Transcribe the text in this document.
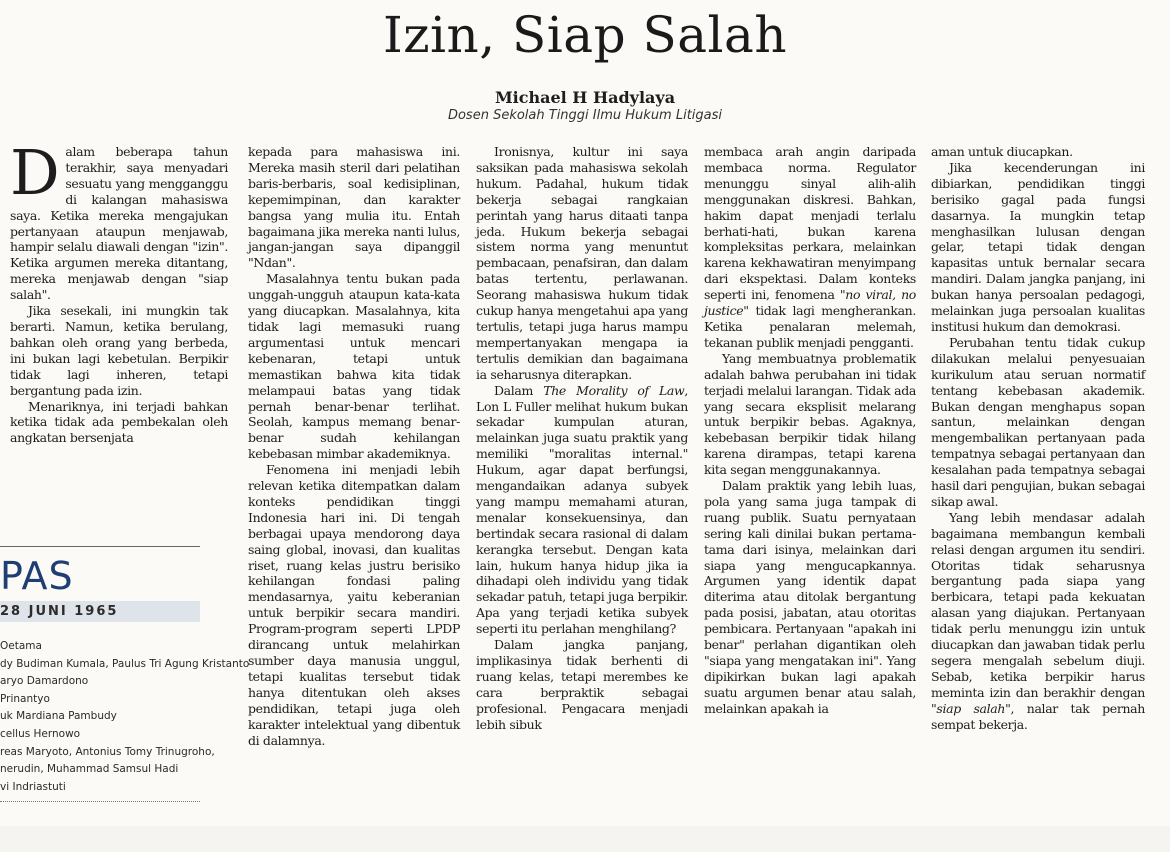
Izin, Siap Salah
Michael H Hadylaya
Dosen Sekolah Tinggi Ilmu Hukum Litigasi

Dalam beberapa tahun terakhir, saya menyadari sesuatu yang mengganggu di kalangan mahasiswa saya. Ketika mereka mengajukan pertanyaan ataupun menjawab, hampir selalu diawali dengan "izin". Ketika argumen mereka ditantang, mereka menjawab dengan "siap salah".

Jika sesekali, ini mungkin tak berarti. Namun, ketika berulang, bahkan oleh orang yang berbeda, ini bukan lagi kebetulan. Berpikir tidak lagi inheren, tetapi bergantung pada izin.

Menariknya, ini terjadi bahkan ketika tidak ada pembekalan oleh angkatan bersenjata

kepada para mahasiswa ini. Mereka masih steril dari pelatihan baris-berbaris, soal kedisiplinan, kepemimpinan, dan karakter bangsa yang mulia itu. Entah bagaimana jika mereka nanti lulus, jangan-jangan saya dipanggil "Ndan".

Masalahnya tentu bukan pada unggah-ungguh ataupun kata-kata yang diucapkan. Masalahnya, kita tidak lagi memasuki ruang argumentasi untuk mencari kebenaran, tetapi untuk memastikan bahwa kita tidak melampaui batas yang tidak pernah benar-benar terlihat. Seolah, kampus memang benar-benar sudah kehilangan kebebasan mimbar akademiknya.

Fenomena ini menjadi lebih relevan ketika ditempatkan dalam konteks pendidikan tinggi Indonesia hari ini. Di tengah berbagai upaya mendorong daya saing global, inovasi, dan kualitas riset, ruang kelas justru berisiko kehilangan fondasi paling mendasarnya, yaitu keberanian untuk berpikir secara mandiri. Program-program seperti LPDP dirancang untuk melahirkan sumber daya manusia unggul, tetapi kualitas tersebut tidak hanya ditentukan oleh akses pendidikan, tetapi juga oleh karakter intelektual yang dibentuk di dalamnya.

Ironisnya, kultur ini saya saksikan pada mahasiswa sekolah hukum. Padahal, hukum tidak bekerja sebagai rangkaian perintah yang harus ditaati tanpa jeda. Hukum bekerja sebagai sistem norma yang menuntut pembacaan, penafsiran, dan dalam batas tertentu, perlawanan. Seorang mahasiswa hukum tidak cukup hanya mengetahui apa yang tertulis, tetapi juga harus mampu mempertanyakan mengapa ia tertulis demikian dan bagaimana ia seharusnya diterapkan.

Dalam The Morality of Law, Lon L Fuller melihat hukum bukan sekadar kumpulan aturan, melainkan juga suatu praktik yang memiliki "moralitas internal." Hukum, agar dapat berfungsi, mengandaikan adanya subyek yang mampu memahami aturan, menalar konsekuensinya, dan bertindak secara rasional di dalam kerangka tersebut. Dengan kata lain, hukum hanya hidup jika ia dihadapi oleh individu yang tidak sekadar patuh, tetapi juga berpikir. Apa yang terjadi ketika subyek seperti itu perlahan menghilang?

Dalam jangka panjang, implikasinya tidak berhenti di ruang kelas, tetapi merembes ke cara berpraktik sebagai profesional. Pengacara menjadi lebih sibuk

membaca arah angin daripada membaca norma. Regulator menunggu sinyal alih-alih menggunakan diskresi. Bahkan, hakim dapat menjadi terlalu berhati-hati, bukan karena kompleksitas perkara, melainkan karena kekhawatiran menyimpang dari ekspektasi. Dalam konteks seperti ini, fenomena "no viral, no justice" tidak lagi mengherankan. Ketika penalaran melemah, tekanan publik menjadi pengganti.

Yang membuatnya problematik adalah bahwa perubahan ini tidak terjadi melalui larangan. Tidak ada yang secara eksplisit melarang untuk berpikir bebas. Agaknya, kebebasan berpikir tidak hilang karena dirampas, tetapi karena kita segan menggunakannya.

Dalam praktik yang lebih luas, pola yang sama juga tampak di ruang publik. Suatu pernyataan sering kali dinilai bukan pertama-tama dari isinya, melainkan dari siapa yang mengucapkannya. Argumen yang identik dapat diterima atau ditolak bergantung pada posisi, jabatan, atau otoritas pembicara. Pertanyaan "apakah ini benar" perlahan digantikan oleh "siapa yang mengatakan ini". Yang dipikirkan bukan lagi apakah suatu argumen benar atau salah, melainkan apakah ia

aman untuk diucapkan.

Jika kecenderungan ini dibiarkan, pendidikan tinggi berisiko gagal pada fungsi dasarnya. Ia mungkin tetap menghasilkan lulusan dengan gelar, tetapi tidak dengan kapasitas untuk bernalar secara mandiri. Dalam jangka panjang, ini bukan hanya persoalan pedagogi, melainkan juga persoalan kualitas institusi hukum dan demokrasi.

Perubahan tentu tidak cukup dilakukan melalui penyesuaian kurikulum atau seruan normatif tentang kebebasan akademik. Bukan dengan menghapus sopan santun, melainkan dengan mengembalikan pertanyaan pada tempatnya sebagai pertanyaan dan kesalahan pada tempatnya sebagai hasil dari pengujian, bukan sebagai sikap awal.

Yang lebih mendasar adalah bagaimana membangun kembali relasi dengan argumen itu sendiri. Otoritas tidak seharusnya bergantung pada siapa yang berbicara, tetapi pada kekuatan alasan yang diajukan. Pertanyaan tidak perlu menunggu izin untuk diucapkan dan jawaban tidak perlu segera mengalah sebelum diuji. Sebab, ketika berpikir harus meminta izin dan berakhir dengan "siap salah", nalar tak pernah sempat bekerja.

PAS
28 JUNI 1965
Oetama
dy Budiman Kumala, Paulus Tri Agung Kristanto
aryo Damardono
Prinantyo
uk Mardiana Pambudy
cellus Hernowo
reas Maryoto, Antonius Tomy Trinugroho,
nerudin, Muhammad Samsul Hadi
vi Indriastuti
